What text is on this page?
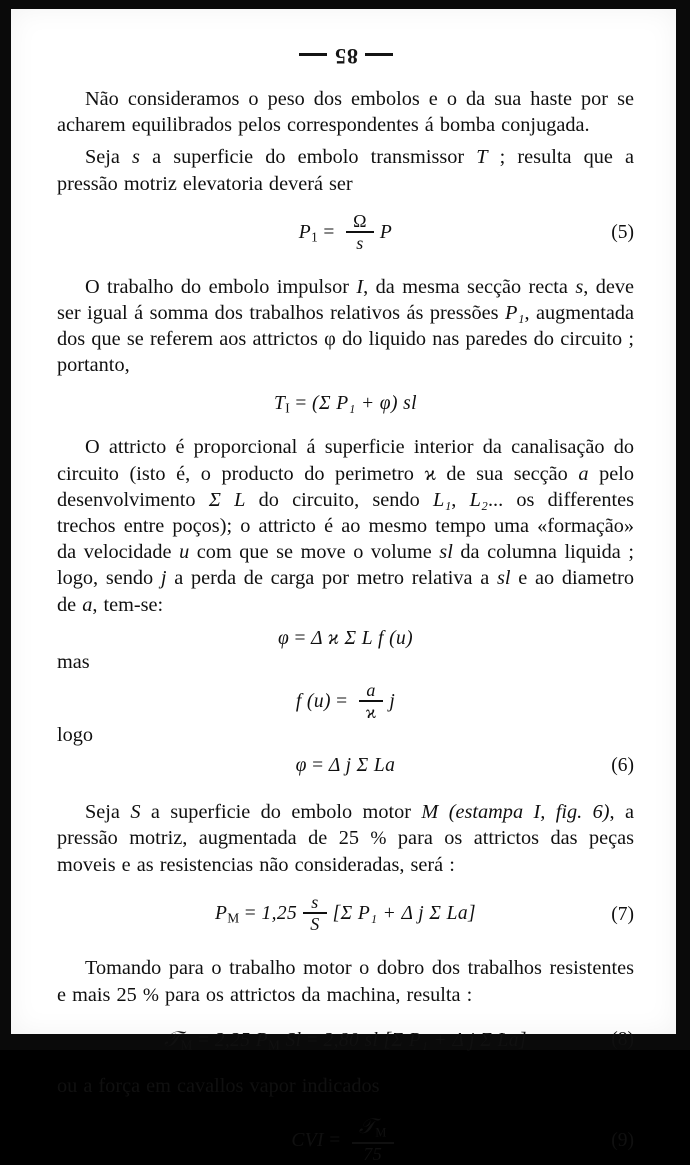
85

Não consideramos o peso dos embolos e o da sua haste por se acharem equilibrados pelos correspondentes á bomba conjugada.

Seja s a superficie do embolo transmissor T ; resulta que a pressão motriz elevatoria deverá ser

$P_1 = \frac{\Omega}{s}$ P	(5)

O trabalho do embolo impulsor I, da mesma secção recta s, deve ser igual á somma dos trabalhos relativos ás pressões P₁, augmentada dos que se referem aos attrictos φ do liquido nas paredes do circuito ; portanto,

$T_I = (\Sigma$ P₁ + φ) sl

O attricto é proporcional á superficie interior da canalisação do circuito (isto é, o producto do perimetro ϰ de sua secção a pelo desenvolvimento Σ L do circuito, sendo L₁, L₂... os differentes trechos entre poços); o attricto é ao mesmo tempo uma «formação» da velocidade u com que se move o volume sl da columna liquida ; logo, sendo j a perda de carga por metro relativa a sl e ao diametro de a, tem-se:

φ = Δ ϰ Σ L f (u)
mas
f $(u) = \frac{a}{ϰ}$ j
logo
φ = Δ j Σ La	(6)

Seja S a superficie do embolo motor M (estampa I, fig. 6), a pressão motriz, augmentada de 25 % para os attrictos das peças moveis e as resistencias não consideradas, será :

$P_M = 1,25 \frac{s}{S} [\Sigma$ P₁ + Δ j Σ La]	(7)

Tomando para o trabalho motor o dobro dos trabalhos resistentes e mais 25 % para os attrictos da machina, resulta :

𝒯$_M$ = 2,25 $P_M$ Sl = 2,80 sl [Σ P₁ + Δ j Σ La]	(8)

ou a força em cavallos vapor indicados

CVI = $\frac{𝒯_M}{75}$	(9)
